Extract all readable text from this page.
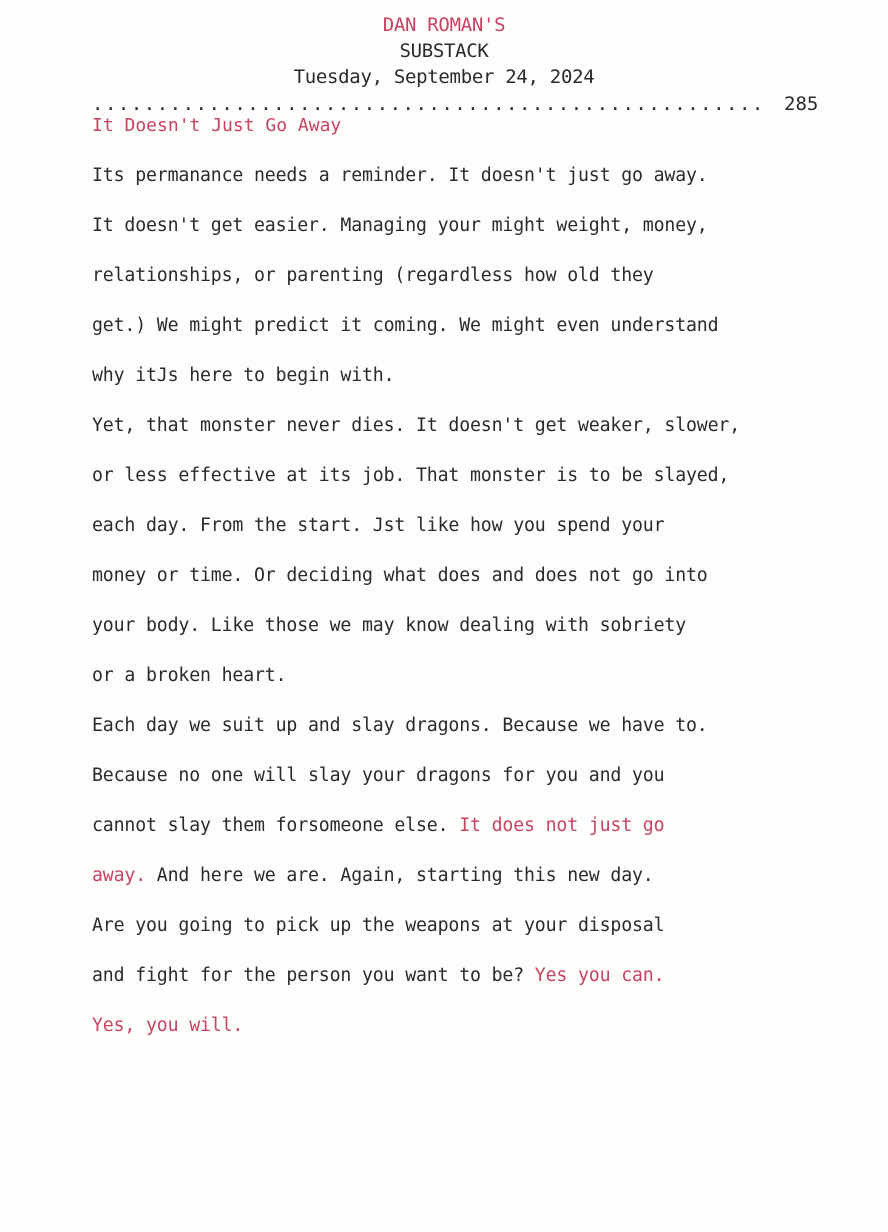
DAN ROMAN'S
SUBSTACK
Tuesday, September 24, 2024
.................................................... 285
It Doesn't Just Go Away
Its permanance needs a reminder. It doesn't just go away.
It doesn't get easier. Managing your might weight, money,
relationships, or parenting (regardless how old they
get.) We might predict it coming. We might even understand
why itJs here to begin with.
Yet, that monster never dies. It doesn't get weaker, slower,
or less effective at its job. That monster is to be slayed,
each day. From the start. Jst like how you spend your
money or time. Or deciding what does and does not go into
your body. Like those we may know dealing with sobriety
or a broken heart.
Each day we suit up and slay dragons. Because we have to.
Because no one will slay your dragons for you and you
cannot slay them forsomeone else. It does not just go
away. And here we are. Again, starting this new day.
Are you going to pick up the weapons at your disposal
and fight for the person you want to be? Yes you can.
Yes, you will.
